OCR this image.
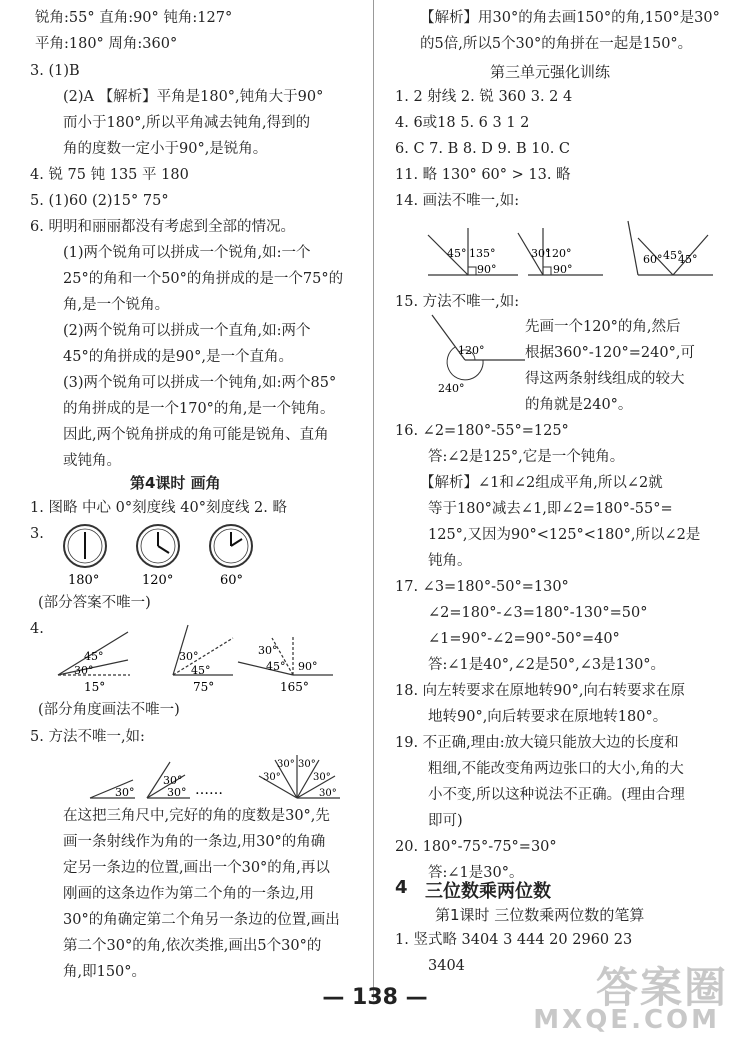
锐角:55° 直角:90° 钝角:127°
平角:180° 周角:360°
3. (1)B
(2)A 【解析】平角是180°,钝角大于90°
而小于180°,所以平角减去钝角,得到的
角的度数一定小于90°,是锐角。
4. 锐 75 钝 135 平 180
5. (1)60 (2)15° 75°
6. 明明和丽丽都没有考虑到全部的情况。
(1)两个锐角可以拼成一个锐角,如:一个
25°的角和一个50°的角拼成的是一个75°的
角,是一个锐角。
(2)两个锐角可以拼成一个直角,如:两个
45°的角拼成的是90°,是一个直角。
(3)两个锐角可以拼成一个钝角,如:两个85°
的角拼成的是一个170°的角,是一个钝角。
因此,两个锐角拼成的角可能是锐角、直角
或钝角。
第4课时 画角
1. 图略 中心 0°刻度线 40°刻度线 2. 略
3.
180°	120°	60°
(部分答案不唯一)
4.
45°
30°
15°
30°
45°
75°
30°
45° 90°
165°
(部分角度画法不唯一)
5. 方法不唯一,如:
30°
30°
30° ……	30°
30°
30°
30°
30°
在这把三角尺中,完好的角的度数是30°,先
画一条射线作为角的一条边,用30°的角确
定另一条边的位置,画出一个30°的角,再以
刚画的这条边作为第二个角的一条边,用
30°的角确定第二个角另一条边的位置,画出
第二个30°的角,依次类推,画出5个30°的
角,即150°。
【解析】用30°的角去画150°的角,150°是30°
的5倍,所以5个30°的角拼在一起是150°。
第三单元强化训练
1. 2 射线 2. 锐 360 3. 2 4
4. 6或18 5. 6 3 1 2
6. C 7. B 8. D 9. B 10. C
11. 略 130° 60° > 13. 略
14. 画法不唯一,如:
45° 135°
90°
30°
120°
90°
60° 45°
45°
15. 方法不唯一,如:
120°
240°
先画一个120°的角,然后
根据360°-120°=240°,可
得这两条射线组成的较大
的角就是240°。
16. ∠2=180°-55°=125°
答:∠2是125°,它是一个钝角。
【解析】∠1和∠2组成平角,所以∠2就
等于180°减去∠1,即∠2=180°-55°=
125°,又因为90°<125°<180°,所以∠2是
钝角。
17. ∠3=180°-50°=130°
∠2=180°-∠3=180°-130°=50°
∠1=90°-∠2=90°-50°=40°
答:∠1是40°,∠2是50°,∠3是130°。
18. 向左转要求在原地转90°,向右转要求在原
地转90°,向后转要求在原地转180°。
19. 不正确,理由:放大镜只能放大边的长度和
粗细,不能改变角两边张口的大小,角的大
小不变,所以这种说法不正确。(理由合理
即可)
20. 180°-75°-75°=30°
答:∠1是30°。
4 三位数乘两位数
第1课时 三位数乘两位数的笔算
1. 竖式略 3404 3 444 20 2960 23
3404
— 138 —	答案圈
MXQE.COM
